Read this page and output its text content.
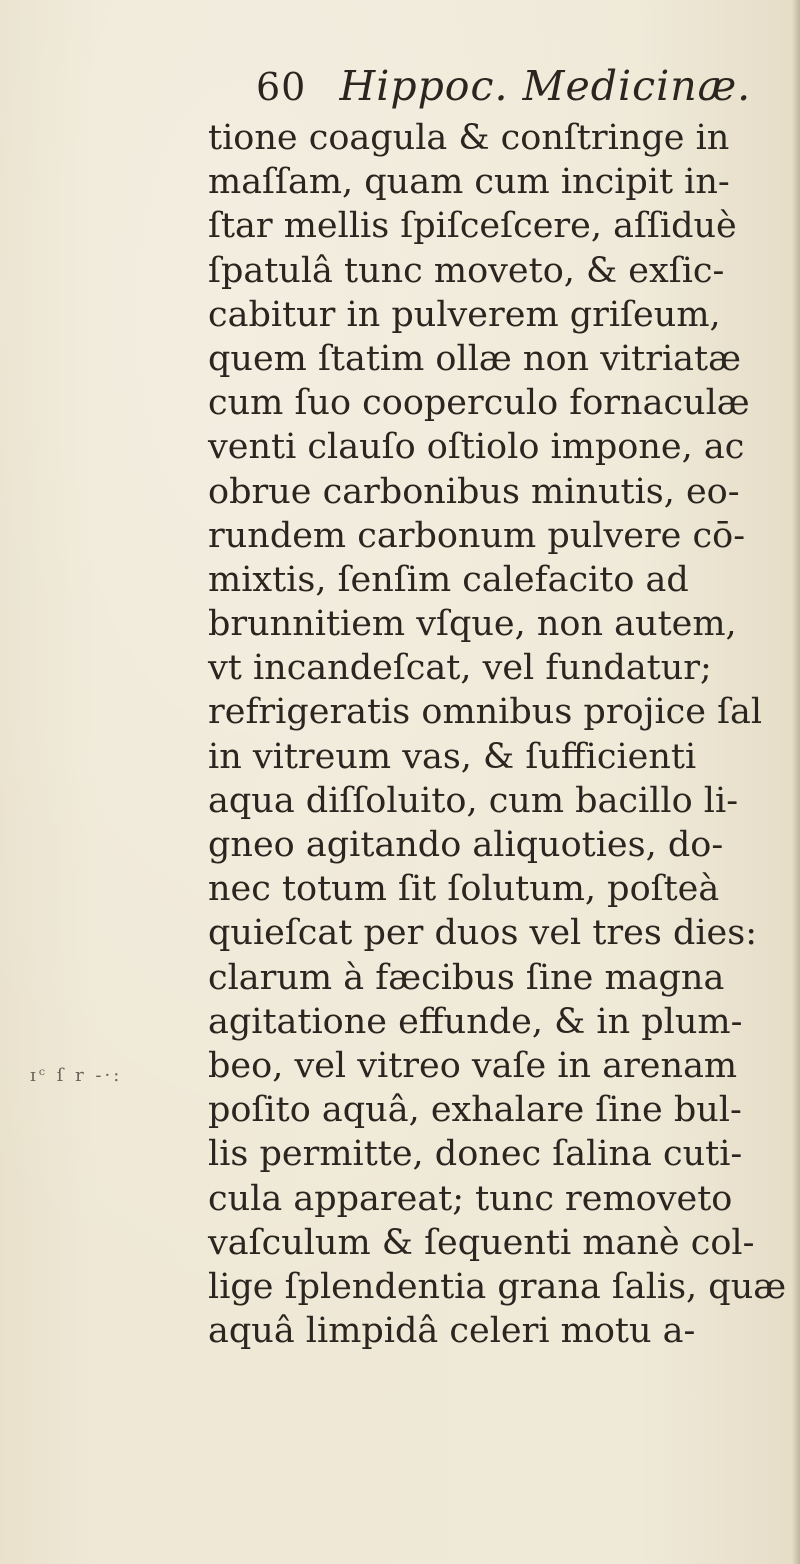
60 Hippoc. Medicinæ.
tione coagula & conſtringe in
maſſam, quam cum incipit in-
ſtar mellis ſpiſceſcere, aſſiduè
ſpatulâ tunc moveto, & exſic-
cabitur in pulverem griſeum,
quem ſtatim ollæ non vitriatæ
cum ſuo cooperculo fornaculæ
venti clauſo oſtiolo impone, ac
obrue carbonibus minutis, eo-
rundem carbonum pulvere cō-
mixtis, ſenſim calefacito ad
brunnitiem vſque, non autem,
vt incandeſcat, vel fundatur;
refrigeratis omnibus projice ſal
in vitreum vas, & ſufficienti
aqua diſſoluito, cum bacillo li-
gneo agitando aliquoties, do-
nec totum ſit ſolutum, poſteà
quieſcat per duos vel tres dies:
clarum à fæcibus ſine magna
agitatione effunde, & in plum-
beo, vel vitreo vaſe in arenam
poſito aquâ, exhalare ſine bul-
lis permitte, donec ſalina cuti-
cula appareat; tunc removeto
vaſculum & ſequenti manè col-
lige ſplendentia grana ſalis, quæ
aquâ limpidâ celeri motu a-
ɪᶜ ſ r -·:
